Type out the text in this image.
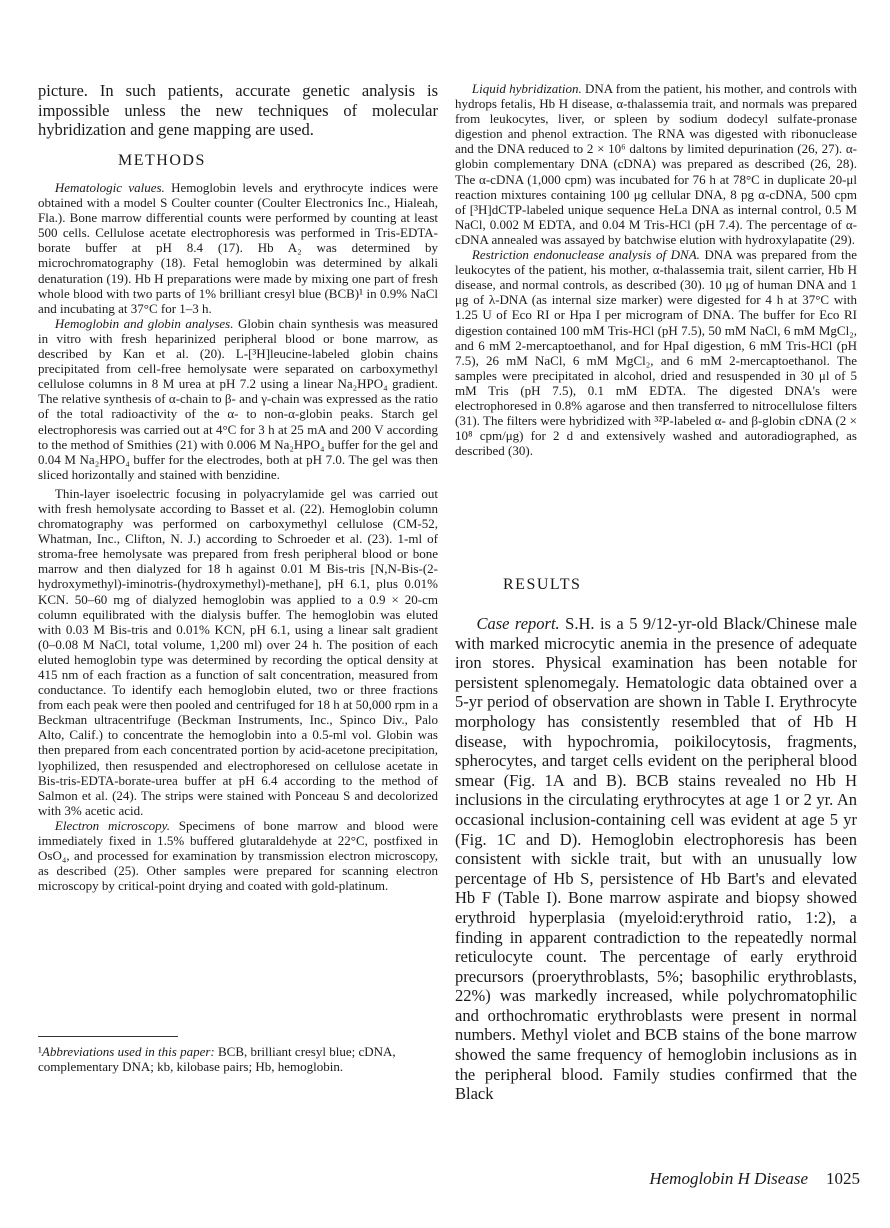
picture. In such patients, accurate genetic analysis is impossible unless the new techniques of molecular hybridization and gene mapping are used.

METHODS

Hematologic values. Hemoglobin levels and erythrocyte indices were obtained with a model S Coulter counter (Coulter Electronics Inc., Hialeah, Fla.). Bone marrow differential counts were performed by counting at least 500 cells. Cellulose acetate electrophoresis was performed in Tris-EDTA-borate buffer at pH 8.4 (17). Hb A₂ was determined by microchromatography (18). Fetal hemoglobin was determined by alkali denaturation (19). Hb H preparations were made by mixing one part of fresh whole blood with two parts of 1% brilliant cresyl blue (BCB)¹ in 0.9% NaCl and incubating at 37°C for 1–3 h.

Hemoglobin and globin analyses. Globin chain synthesis was measured in vitro with fresh heparinized peripheral blood or bone marrow, as described by Kan et al. (20). L-[³H]leucine-labeled globin chains precipitated from cell-free hemolysate were separated on carboxymethyl cellulose columns in 8 M urea at pH 7.2 using a linear Na₂HPO₄ gradient. The relative synthesis of α-chain to β- and γ-chain was expressed as the ratio of the total radioactivity of the α- to non-α-globin peaks. Starch gel electrophoresis was carried out at 4°C for 3 h at 25 mA and 200 V according to the method of Smithies (21) with 0.006 M Na₂HPO₄ buffer for the gel and 0.04 M Na₂HPO₄ buffer for the electrodes, both at pH 7.0. The gel was then sliced horizontally and stained with benzidine.

Thin-layer isoelectric focusing in polyacrylamide gel was carried out with fresh hemolysate according to Basset et al. (22). Hemoglobin column chromatography was performed on carboxymethyl cellulose (CM-52, Whatman, Inc., Clifton, N. J.) according to Schroeder et al. (23). 1-ml of stroma-free hemolysate was prepared from fresh peripheral blood or bone marrow and then dialyzed for 18 h against 0.01 M Bis-tris [N,N-Bis-(2-hydroxymethyl)-iminotris-(hydroxymethyl)-methane], pH 6.1, plus 0.01% KCN. 50–60 mg of dialyzed hemoglobin was applied to a 0.9 × 20-cm column equilibrated with the dialysis buffer. The hemoglobin was eluted with 0.03 M Bis-tris and 0.01% KCN, pH 6.1, using a linear salt gradient (0–0.08 M NaCl, total volume, 1,200 ml) over 24 h. The position of each eluted hemoglobin type was determined by recording the optical density at 415 nm of each fraction as a function of salt concentration, measured from conductance. To identify each hemoglobin eluted, two or three fractions from each peak were then pooled and centrifuged for 18 h at 50,000 rpm in a Beckman ultracentrifuge (Beckman Instruments, Inc., Spinco Div., Palo Alto, Calif.) to concentrate the hemoglobin into a 0.5-ml vol. Globin was then prepared from each concentrated portion by acid-acetone precipitation, lyophilized, then resuspended and electrophoresed on cellulose acetate in Bis-tris-EDTA-borate-urea buffer at pH 6.4 according to the method of Salmon et al. (24). The strips were stained with Ponceau S and decolorized with 3% acetic acid.

Electron microscopy. Specimens of bone marrow and blood were immediately fixed in 1.5% buffered glutaraldehyde at 22°C, postfixed in OsO₄, and processed for examination by transmission electron microscopy, as described (25). Other samples were prepared for scanning electron microscopy by critical-point drying and coated with gold-platinum.

¹Abbreviations used in this paper: BCB, brilliant cresyl blue; cDNA, complementary DNA; kb, kilobase pairs; Hb, hemoglobin.

Liquid hybridization. DNA from the patient, his mother, and controls with hydrops fetalis, Hb H disease, α-thalassemia trait, and normals was prepared from leukocytes, liver, or spleen by sodium dodecyl sulfate-pronase digestion and phenol extraction. The RNA was digested with ribonuclease and the DNA reduced to 2 × 10⁶ daltons by limited depurination (26, 27). α-globin complementary DNA (cDNA) was prepared as described (26, 28). The α-cDNA (1,000 cpm) was incubated for 76 h at 78°C in duplicate 20-μl reaction mixtures containing 100 μg cellular DNA, 8 pg α-cDNA, 500 cpm of [³H]dCTP-labeled unique sequence HeLa DNA as internal control, 0.5 M NaCl, 0.002 M EDTA, and 0.04 M Tris-HCl (pH 7.4). The percentage of α-cDNA annealed was assayed by batchwise elution with hydroxylapatite (29).

Restriction endonuclease analysis of DNA. DNA was prepared from the leukocytes of the patient, his mother, α-thalassemia trait, silent carrier, Hb H disease, and normal controls, as described (30). 10 μg of human DNA and 1 μg of λ-DNA (as internal size marker) were digested for 4 h at 37°C with 1.25 U of Eco RI or Hpa I per microgram of DNA. The buffer for Eco RI digestion contained 100 mM Tris-HCl (pH 7.5), 50 mM NaCl, 6 mM MgCl₂, and 6 mM 2-mercaptoethanol, and for HpaI digestion, 6 mM Tris-HCl (pH 7.5), 26 mM NaCl, 6 mM MgCl₂, and 6 mM 2-mercaptoethanol. The samples were precipitated in alcohol, dried and resuspended in 30 μl of 5 mM Tris (pH 7.5), 0.1 mM EDTA. The digested DNA's were electrophoresed in 0.8% agarose and then transferred to nitrocellulose filters (31). The filters were hybridized with ³²P-labeled α- and β-globin cDNA (2 × 10⁸ cpm/μg) for 2 d and extensively washed and autoradiographed, as described (30).

RESULTS

Case report. S.H. is a 5 9/12-yr-old Black/Chinese male with marked microcytic anemia in the presence of adequate iron stores. Physical examination has been notable for persistent splenomegaly. Hematologic data obtained over a 5-yr period of observation are shown in Table I. Erythrocyte morphology has consistently resembled that of Hb H disease, with hypochromia, poikilocytosis, fragments, spherocytes, and target cells evident on the peripheral blood smear (Fig. 1A and B). BCB stains revealed no Hb H inclusions in the circulating erythrocytes at age 1 or 2 yr. An occasional inclusion-containing cell was evident at age 5 yr (Fig. 1C and D). Hemoglobin electrophoresis has been consistent with sickle trait, but with an unusually low percentage of Hb S, persistence of Hb Bart's and elevated Hb F (Table I). Bone marrow aspirate and biopsy showed erythroid hyperplasia (myeloid:erythroid ratio, 1:2), a finding in apparent contradiction to the repeatedly normal reticulocyte count. The percentage of early erythroid precursors (proerythroblasts, 5%; basophilic erythroblasts, 22%) was markedly increased, while polychromatophilic and orthochromatic erythroblasts were present in normal numbers. Methyl violet and BCB stains of the bone marrow showed the same frequency of hemoglobin inclusions as in the peripheral blood. Family studies confirmed that the Black

Hemoglobin H Disease 1025
